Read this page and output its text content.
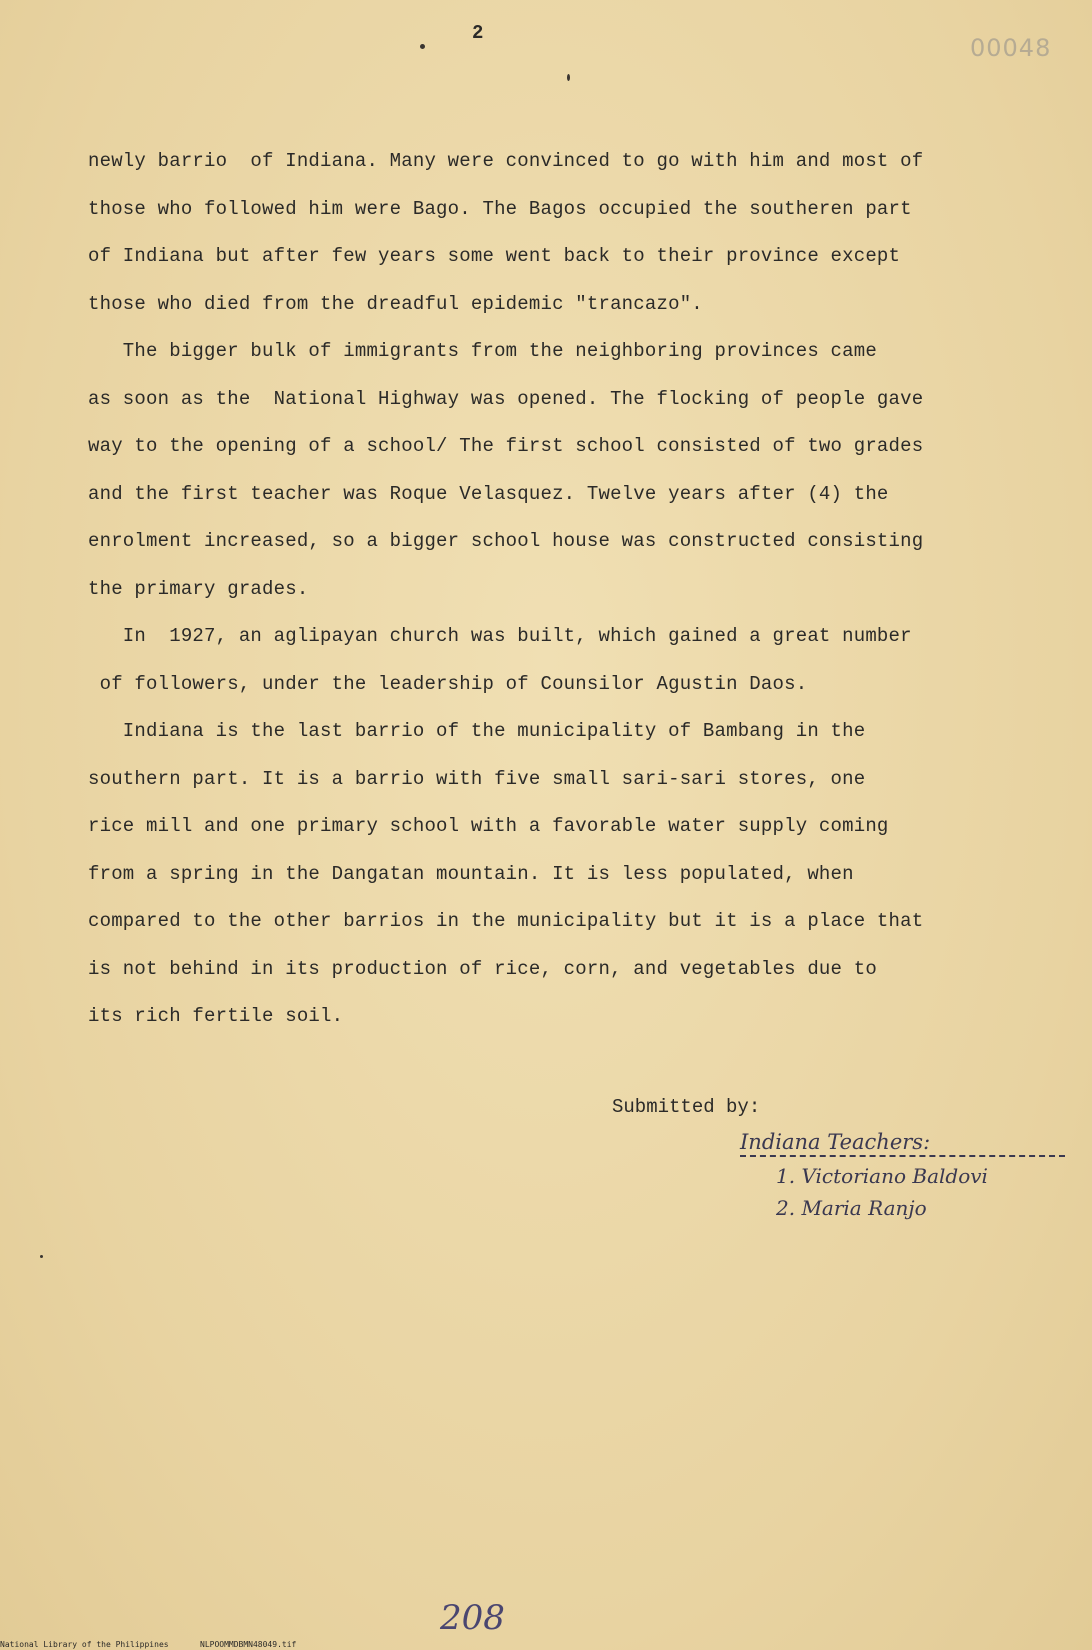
2
00048

newly barrio  of Indiana. Many were convinced to go with him and most of

those who followed him were Bago. The Bagos occupied the southeren part

of Indiana but after few years some went back to their province except

those who died from the dreadful epidemic "trancazo".

The bigger bulk of immigrants from the neighboring provinces came

as soon as the  National Highway was opened. The flocking of people gave

way to the opening of a school/ The first school consisted of two grades

and the first teacher was Roque Velasquez. Twelve years after (4) the

enrolment increased, so a bigger school house was constructed consisting

the primary grades.

In  1927, an aglipayan church was built, which gained a great number

of followers, under the leadership of Counsilor Agustin Daos.

Indiana is the last barrio of the municipality of Bambang in the

southern part. It is a barrio with five small sari-sari stores, one

rice mill and one primary school with a favorable water supply coming

from a spring in the Dangatan mountain. It is less populated, when

compared to the other barrios in the municipality but it is a place that

is not behind in its production of rice, corn, and vegetables due to

its rich fertile soil.

Submitted by:
Indiana Teachers:
1. Victoriano Baldovi
2. Maria Ranjo
208
National Library of the Philippines	NLPOOMMDBMN48049.tif
